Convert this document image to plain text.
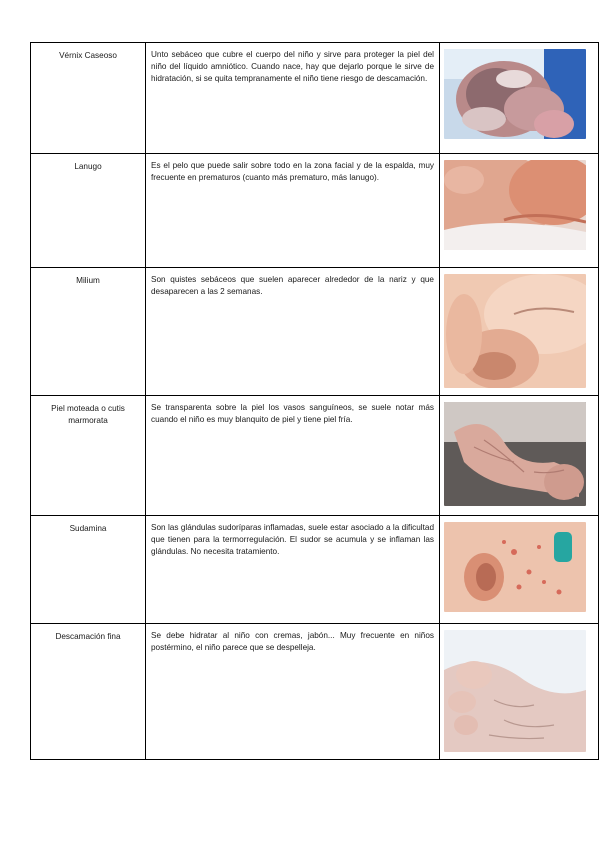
Vérnix Caseoso	Unto sebáceo que cubre el cuerpo del niño y sirve para proteger la piel del niño del líquido amniótico. Cuando nace, hay que dejarlo porque le sirve de hidratación, si se quita tempranamente el niño tiene riesgo de descamación.	

Lanugo	Es el pelo que puede salir sobre todo en la zona facial y de la espalda, muy frecuente en prematuros (cuanto más prematuro, más lanugo).	

Milium	Son quistes sebáceos que suelen aparecer alrededor de la nariz y que desaparecen a las 2 semanas.	

Piel moteada o cutis marmorata	Se transparenta sobre la piel los vasos sanguíneos, se suele notar más cuando el niño es muy blanquito de piel y tiene piel fría.	

Sudamina	Son las glándulas sudoríparas inflamadas, suele estar asociado a la dificultad que tienen para la termorregulación. El sudor se acumula y se inflaman las glándulas. No necesita tratamiento.	

Descamación fina	Se debe hidratar al niño con cremas, jabón... Muy frecuente en niños postérmino, el niño parece que se despelleja.	
